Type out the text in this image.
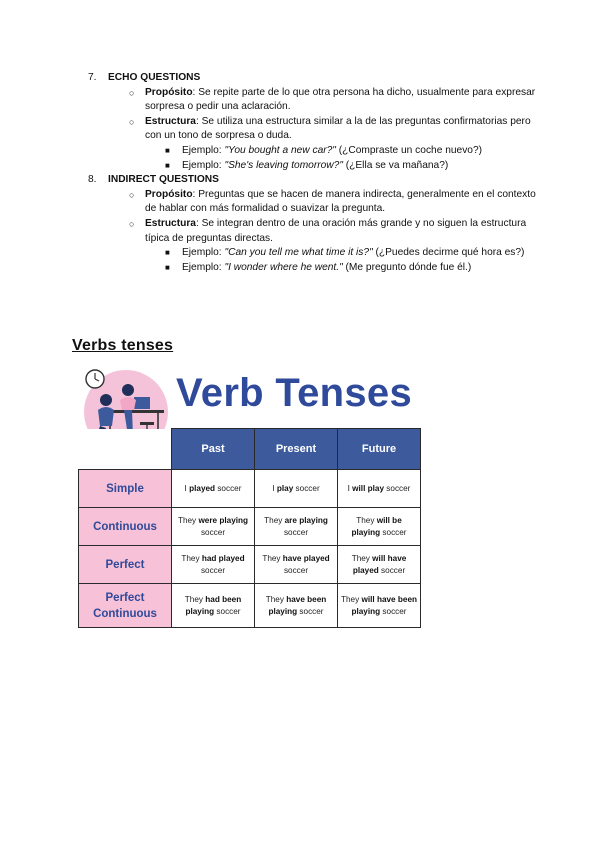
7. ECHO QUESTIONS
○ Propósito: Se repite parte de lo que otra persona ha dicho, usualmente para expresar sorpresa o pedir una aclaración.
○ Estructura: Se utiliza una estructura similar a la de las preguntas confirmatorias pero con un tono de sorpresa o duda.
■ Ejemplo: "You bought a new car?" (¿Compraste un coche nuevo?)
■ Ejemplo: "She's leaving tomorrow?" (¿Ella se va mañana?)
8. INDIRECT QUESTIONS
○ Propósito: Preguntas que se hacen de manera indirecta, generalmente en el contexto de hablar con más formalidad o suavizar la pregunta.
○ Estructura: Se integran dentro de una oración más grande y no siguen la estructura típica de preguntas directas.
■ Ejemplo: "Can you tell me what time it is?" (¿Puedes decirme qué hora es?)
■ Ejemplo: "I wonder where he went." (Me pregunto dónde fue él.)
Verbs tenses
Verb Tenses
	Past	Present	Future
Simple	I played soccer	I play soccer	I will play soccer
Continuous	They were playing soccer	They are playing soccer	They will be playing soccer
Perfect	They had played soccer	They have played soccer	They will have played soccer
Perfect Continuous	They had been playing soccer	They have been playing soccer	They will have been playing soccer
